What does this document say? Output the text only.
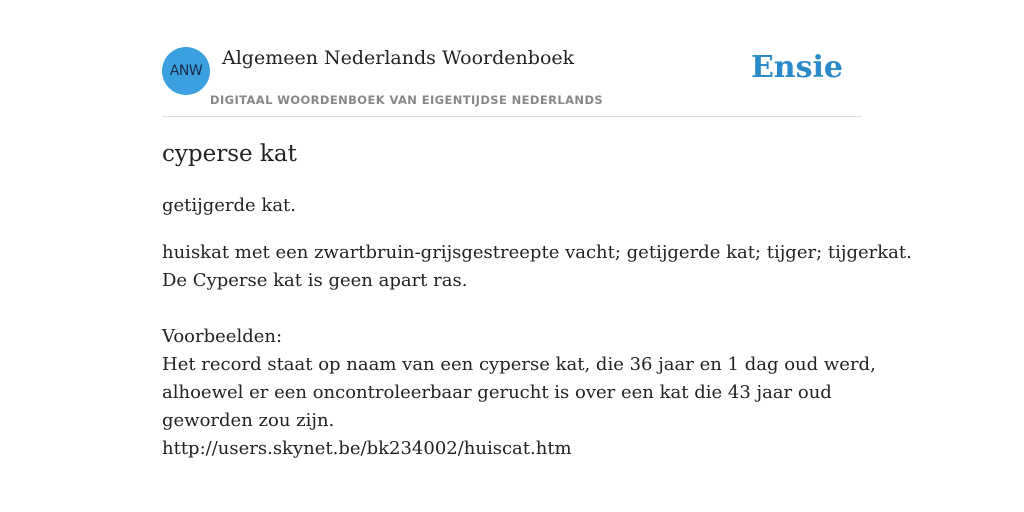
ANW
Algemeen Nederlands Woordenboek
DIGITAAL WOORDENBOEK VAN EIGENTIJDSE NEDERLANDS
Ensie
cyperse kat
getijgerde kat.
huiskat met een zwartbruin-grijsgestreepte vacht; getijgerde kat; tijger; tijgerkat.
De Cyperse kat is geen apart ras.
Voorbeelden:
Het record staat op naam van een cyperse kat, die 36 jaar en 1 dag oud werd,
alhoewel er een oncontroleerbaar gerucht is over een kat die 43 jaar oud
geworden zou zijn.
http://users.skynet.be/bk234002/huiscat.htm
